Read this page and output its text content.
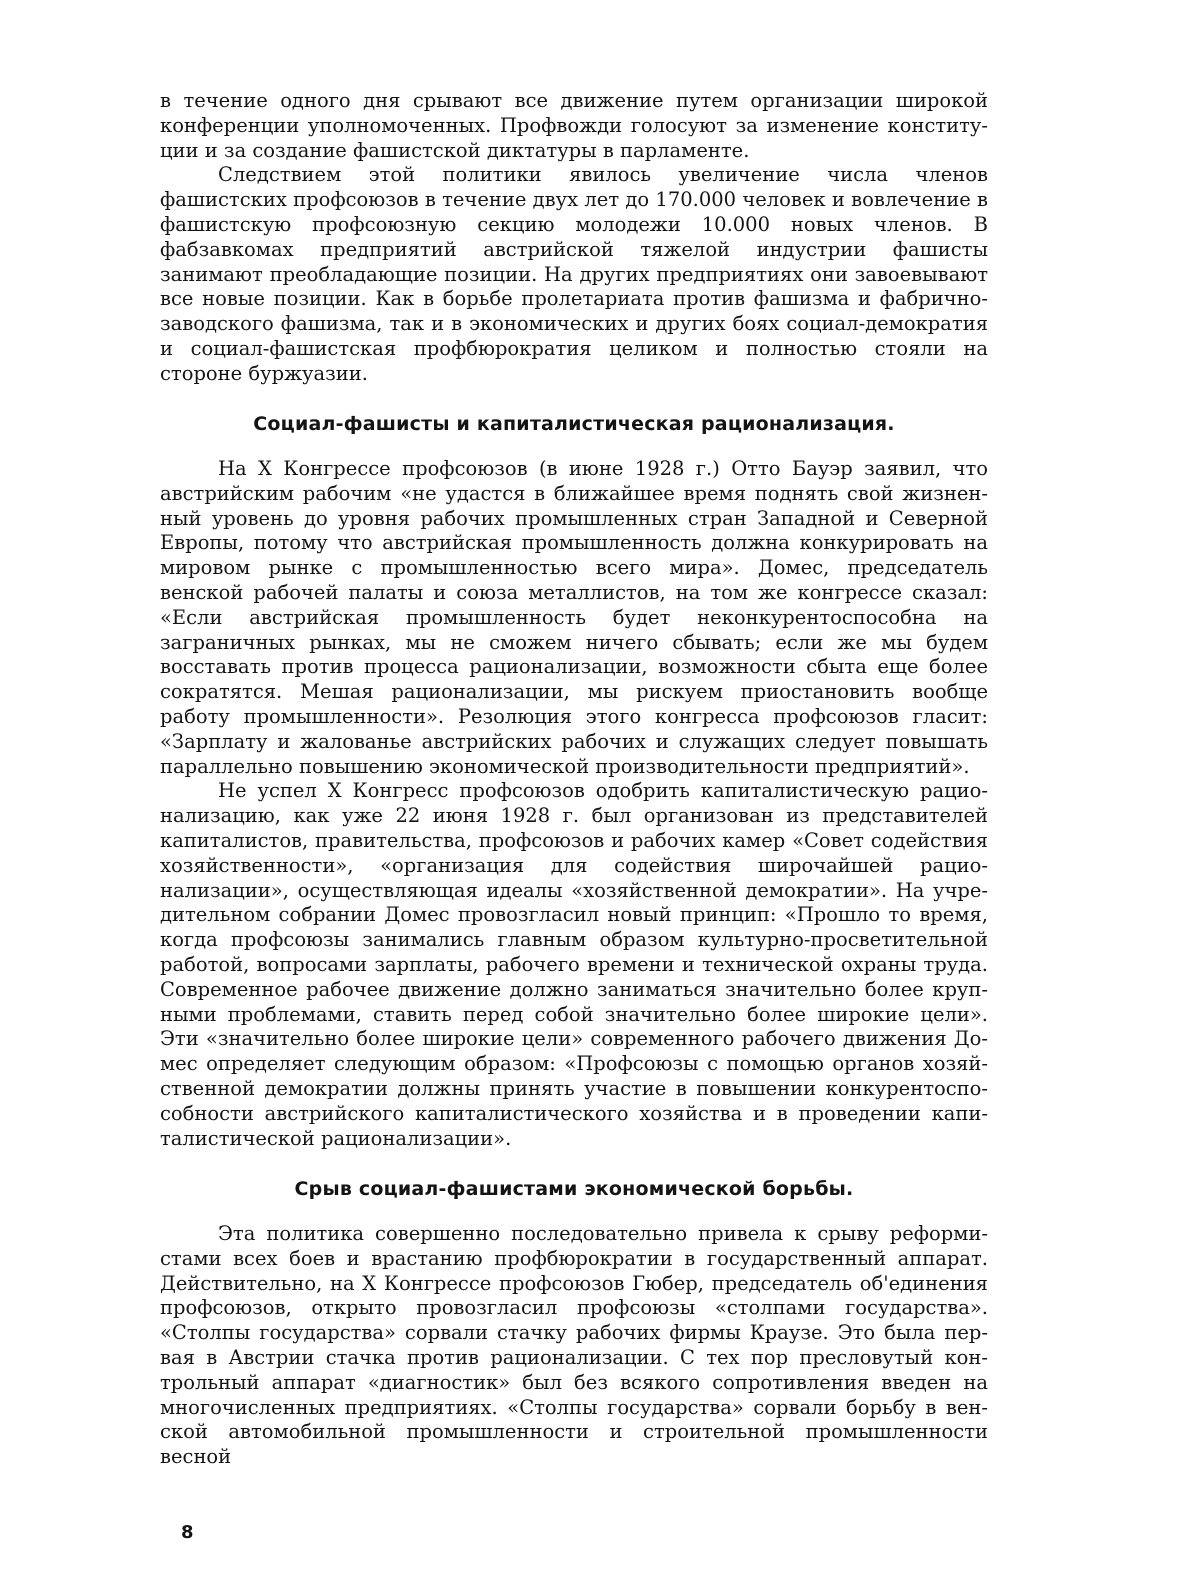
в течение одного дня срывают все движение путем организации широкой конференции уполномоченных. Профвожди голосуют за изменение конституции и за создание фашистской диктатуры в парламенте.

Следствием этой политики явилось увеличение числа членов фашистских профсоюзов в течение двух лет до 170.000 человек и вовлечение в фашистскую профсоюзную секцию молодежи 10.000 новых членов. В фабзавкомах предприятий австрийской тяжелой индустрии фашисты занимают преобладающие позиции. На других предприятиях они завоевывают все новые позиции. Как в борьбе пролетариата против фашизма и фабрично-заводского фашизма, так и в экономических и других боях социал-демократия и социал-фашистская профбюрократия целиком и полностью стояли на стороне буржуазии.

Социал-фашисты и капиталистическая рационализация.

На X Конгрессе профсоюзов (в июне 1928 г.) Отто Бауэр заявил, что австрийским рабочим «не удастся в ближайшее время поднять свой жизненный уровень до уровня рабочих промышленных стран Западной и Северной Европы, потому что австрийская промышленность должна конкурировать на мировом рынке с промышленностью всего мира». Домес, председатель венской рабочей палаты и союза металлистов, на том же конгрессе сказал: «Если австрийская промышленность будет неконкурентоспособна на заграничных рынках, мы не сможем ничего сбывать; если же мы будем восставать против процесса рационализации, возможности сбыта еще более сократятся. Мешая рационализации, мы рискуем приостановить вообще работу промышленности». Резолюция этого конгресса профсоюзов гласит: «Зарплату и жалованье австрийских рабочих и служащих следует повышать параллельно повышению экономической производительности предприятий».

Не успел X Конгресс профсоюзов одобрить капиталистическую рационализацию, как уже 22 июня 1928 г. был организован из представителей капиталистов, правительства, профсоюзов и рабочих камер «Совет содействия хозяйственности», «организация для содействия широчайшей рационализации», осуществляющая идеалы «хозяйственной демократии». На учредительном собрании Домес провозгласил новый принцип: «Прошло то время, когда профсоюзы занимались главным образом культурно-просветительной работой, вопросами зарплаты, рабочего времени и технической охраны труда. Современное рабочее движение должно заниматься значительно более крупными проблемами, ставить перед собой значительно более широкие цели». Эти «значительно более широкие цели» современного рабочего движения Домес определяет следующим образом: «Профсоюзы с помощью органов хозяйственной демократии должны принять участие в повышении конкурентоспособности австрийского капиталистического хозяйства и в проведении капиталистической рационализации».

Срыв социал-фашистами экономической борьбы.

Эта политика совершенно последовательно привела к срыву реформистами всех боев и врастанию профбюрократии в государственный аппарат. Действительно, на X Конгрессе профсоюзов Гюбер, председатель об'единения профсоюзов, открыто провозгласил профсоюзы «столпами государства». «Столпы государства» сорвали стачку рабочих фирмы Краузе. Это была первая в Австрии стачка против рационализации. С тех пор пресловутый контрольный аппарат «диагностик» был без всякого сопротивления введен на многочисленных предприятиях. «Столпы государства» сорвали борьбу в венской автомобильной промышленности и строительной промышленности весной

8
